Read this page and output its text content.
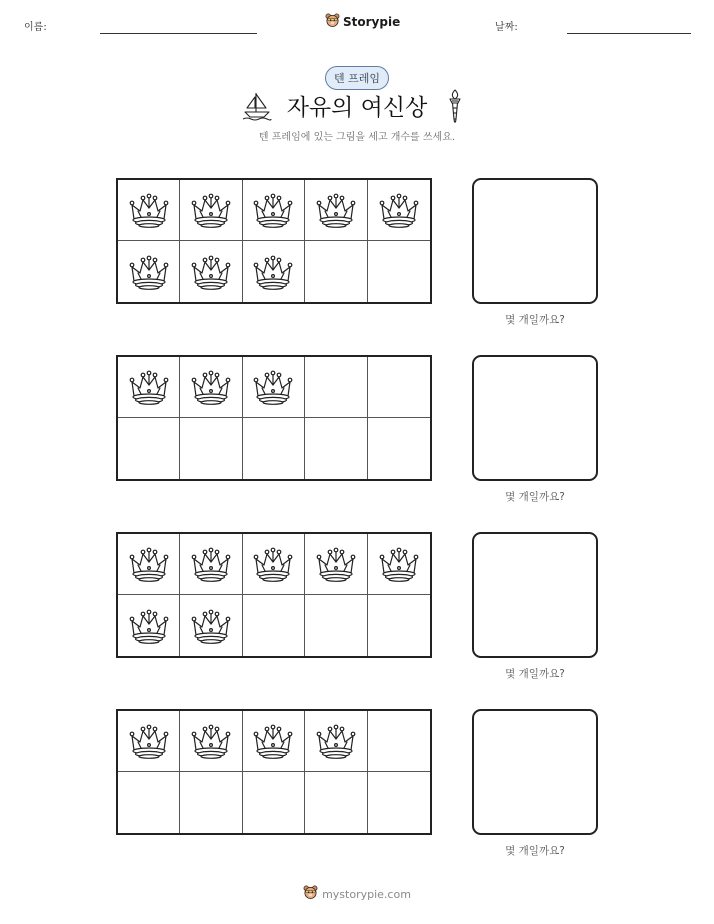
이름:	날짜:
Storypie
텐 프레임
자유의 여신상
텐 프레임에 있는 그림을 세고 개수를 쓰세요.
몇 개일까요?
몇 개일까요?
몇 개일까요?
몇 개일까요?
mystorypie.com
